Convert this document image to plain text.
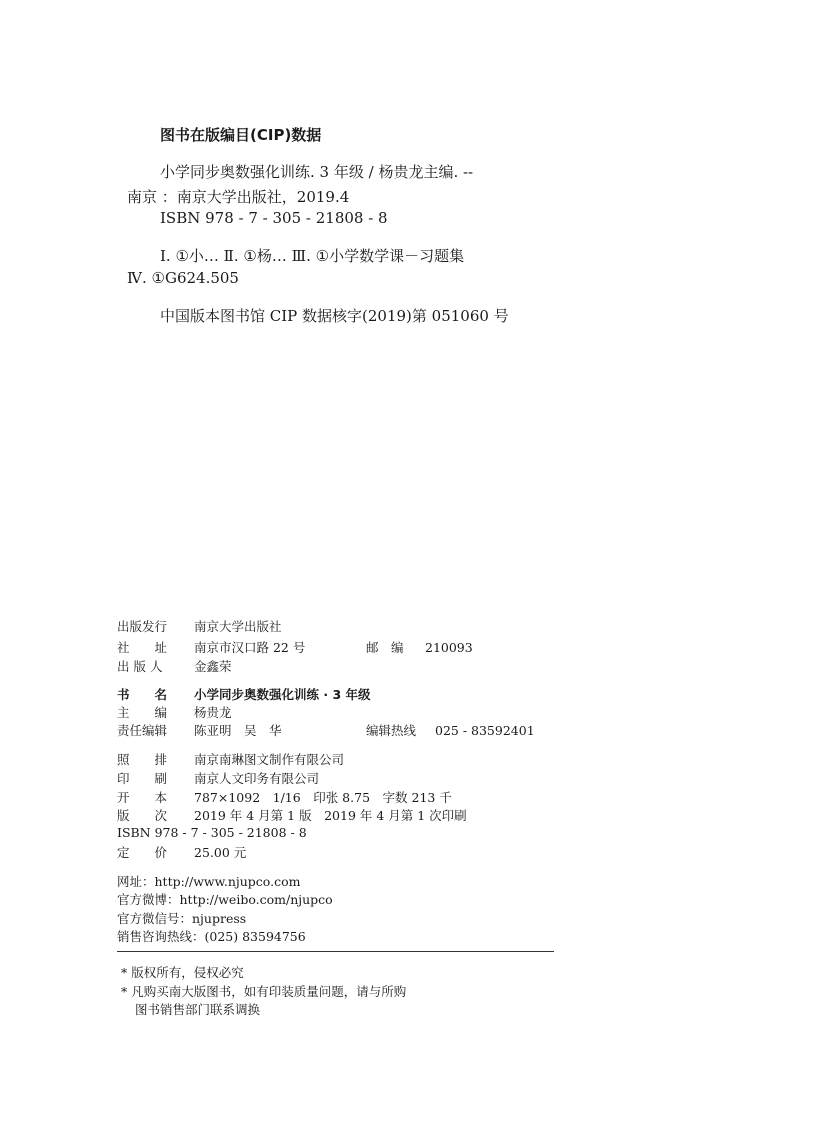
图书在版编目(CIP)数据
小学同步奥数强化训练. 3 年级 / 杨贵龙主编. --
南京 ：南京大学出版社，2019.4
ISBN 978 - 7 - 305 - 21808 - 8
Ⅰ. ①小… Ⅱ. ①杨… Ⅲ. ①小学数学课－习题集
Ⅳ. ①G624.505
中国版本图书馆 CIP 数据核字(2019)第 051060 号
出版发行 南京大学出版社
社　　址 南京市汉口路 22 号	邮　编 210093
出 版 人	金鑫荣
书　　名 小学同步奥数强化训练 · 3 年级
主　　编 杨贵龙
责任编辑 陈亚明　吴　华	编辑热线 025 - 83592401
照　　排 南京南琳图文制作有限公司
印　　刷 南京人文印务有限公司
开　　本 787×1092　1/16　印张 8.75　字数 213 千
版　　次 2019 年 4 月第 1 版　2019 年 4 月第 1 次印刷
ISBN 978 - 7 - 305 - 21808 - 8
定　　价 25.00 元
网址：http://www.njupco.com
官方微博：http://weibo.com/njupco
官方微信号：njupress
销售咨询热线：(025) 83594756
* 版权所有，侵权必究
* 凡购买南大版图书，如有印装质量问题，请与所购
图书销售部门联系调换
